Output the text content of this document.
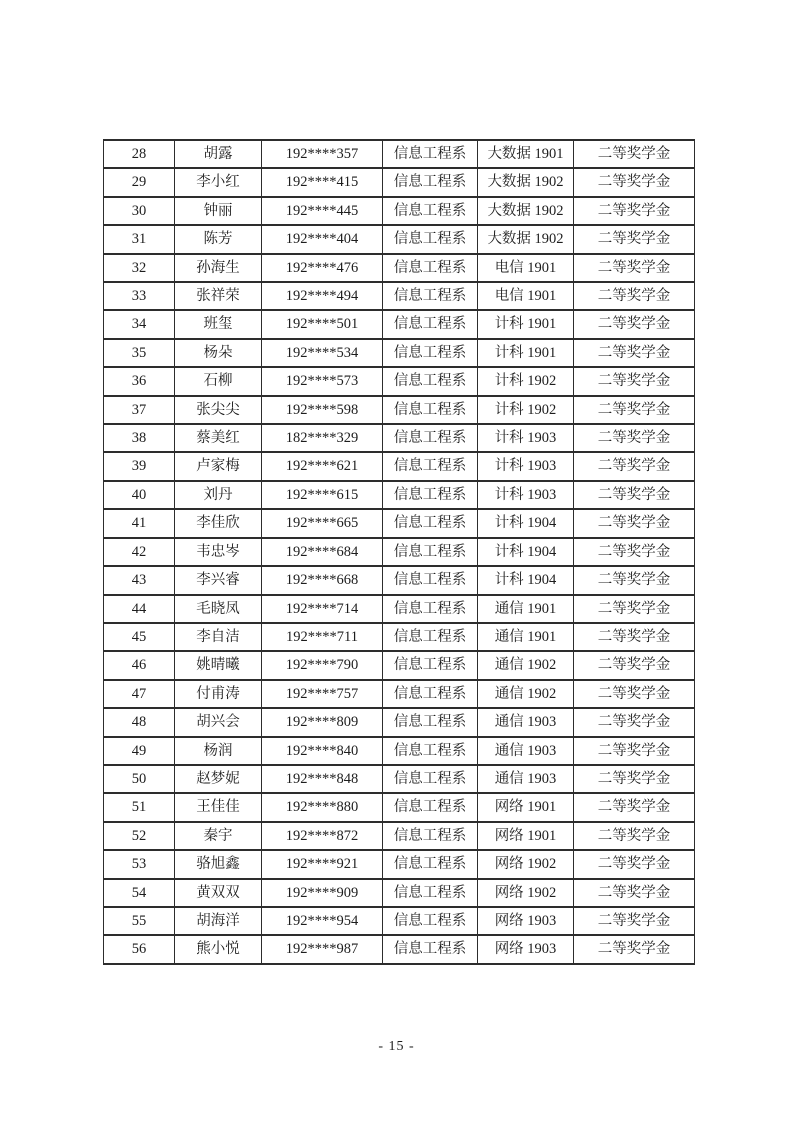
28	胡露	192****357	信息工程系	大数据 1901	二等奖学金
29	李小红	192****415	信息工程系	大数据 1902	二等奖学金
30	钟丽	192****445	信息工程系	大数据 1902	二等奖学金
31	陈芳	192****404	信息工程系	大数据 1902	二等奖学金
32	孙海生	192****476	信息工程系	电信 1901	二等奖学金
33	张祥荣	192****494	信息工程系	电信 1901	二等奖学金
34	班玺	192****501	信息工程系	计科 1901	二等奖学金
35	杨朵	192****534	信息工程系	计科 1901	二等奖学金
36	石柳	192****573	信息工程系	计科 1902	二等奖学金
37	张尖尖	192****598	信息工程系	计科 1902	二等奖学金
38	蔡美红	182****329	信息工程系	计科 1903	二等奖学金
39	卢家梅	192****621	信息工程系	计科 1903	二等奖学金
40	刘丹	192****615	信息工程系	计科 1903	二等奖学金
41	李佳欣	192****665	信息工程系	计科 1904	二等奖学金
42	韦忠岑	192****684	信息工程系	计科 1904	二等奖学金
43	李兴睿	192****668	信息工程系	计科 1904	二等奖学金
44	毛晓凤	192****714	信息工程系	通信 1901	二等奖学金
45	李自洁	192****711	信息工程系	通信 1901	二等奖学金
46	姚晴曦	192****790	信息工程系	通信 1902	二等奖学金
47	付甫涛	192****757	信息工程系	通信 1902	二等奖学金
48	胡兴会	192****809	信息工程系	通信 1903	二等奖学金
49	杨润	192****840	信息工程系	通信 1903	二等奖学金
50	赵梦妮	192****848	信息工程系	通信 1903	二等奖学金
51	王佳佳	192****880	信息工程系	网络 1901	二等奖学金
52	秦宇	192****872	信息工程系	网络 1901	二等奖学金
53	骆旭鑫	192****921	信息工程系	网络 1902	二等奖学金
54	黄双双	192****909	信息工程系	网络 1902	二等奖学金
55	胡海洋	192****954	信息工程系	网络 1903	二等奖学金
56	熊小悦	192****987	信息工程系	网络 1903	二等奖学金
- 15 -
